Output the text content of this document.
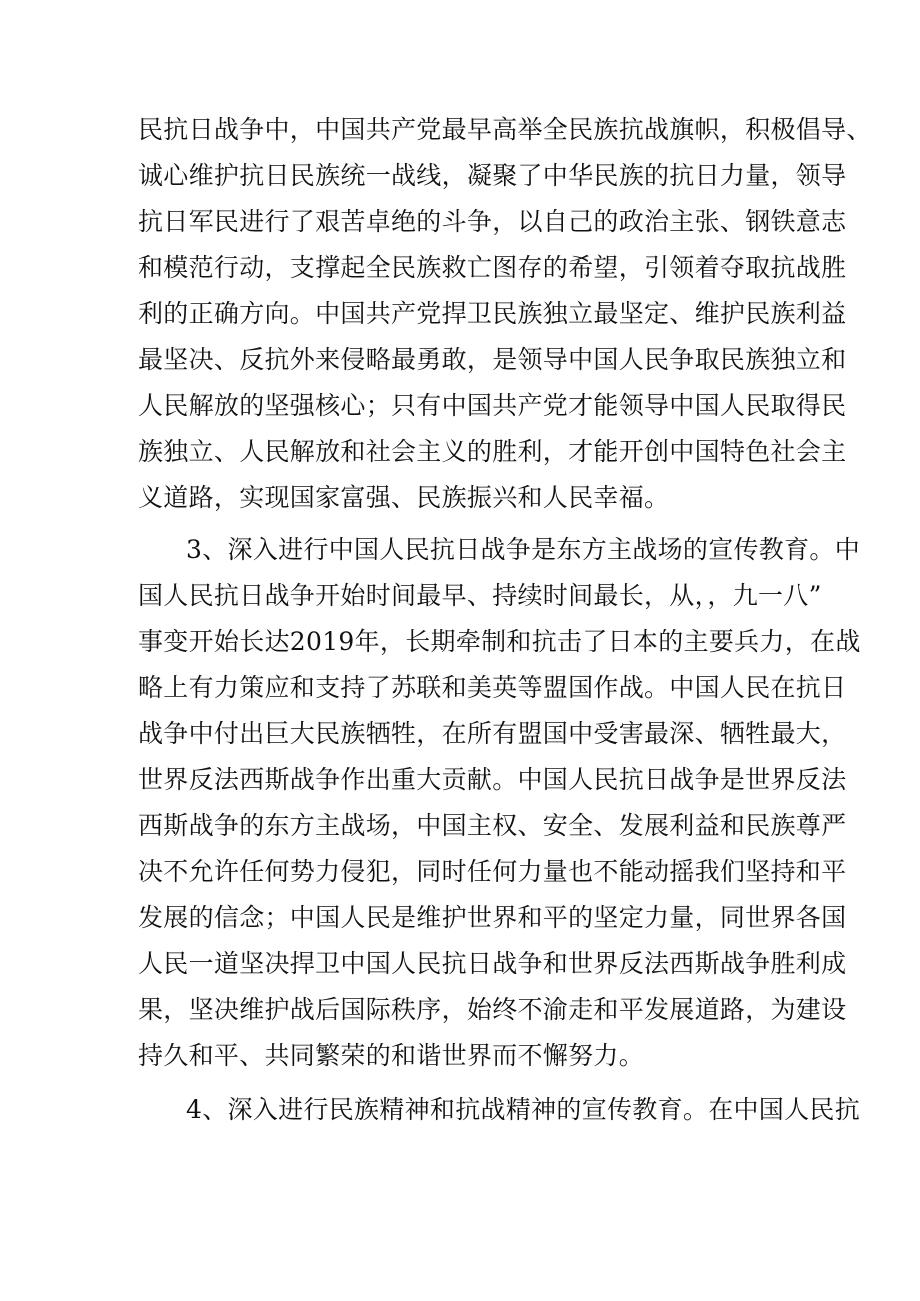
民抗日战争中，中国共产党最早高举全民族抗战旗帜，积极倡导、
诚心维护抗日民族统一战线，凝聚了中华民族的抗日力量，领导
抗日军民进行了艰苦卓绝的斗争，以自己的政治主张、钢铁意志
和模范行动，支撑起全民族救亡图存的希望，引领着夺取抗战胜
利的正确方向。中国共产党捍卫民族独立最坚定、维护民族利益
最坚决、反抗外来侵略最勇敢，是领导中国人民争取民族独立和
人民解放的坚强核心；只有中国共产党才能领导中国人民取得民
族独立、人民解放和社会主义的胜利，才能开创中国特色社会主
义道路，实现国家富强、民族振兴和人民幸福。
3、深入进行中国人民抗日战争是东方主战场的宣传教育。中
国人民抗日战争开始时间最早、持续时间最长，从，，九一八”
事变开始长达2019年，长期牵制和抗击了日本的主要兵力，在战
略上有力策应和支持了苏联和美英等盟国作战。中国人民在抗日
战争中付出巨大民族牺牲，在所有盟国中受害最深、牺牲最大，
世界反法西斯战争作出重大贡献。中国人民抗日战争是世界反法
西斯战争的东方主战场，中国主权、安全、发展利益和民族尊严
决不允许任何势力侵犯，同时任何力量也不能动摇我们坚持和平
发展的信念；中国人民是维护世界和平的坚定力量，同世界各国
人民一道坚决捍卫中国人民抗日战争和世界反法西斯战争胜利成
果，坚决维护战后国际秩序，始终不渝走和平发展道路，为建设
持久和平、共同繁荣的和谐世界而不懈努力。
4、深入进行民族精神和抗战精神的宣传教育。在中国人民抗
